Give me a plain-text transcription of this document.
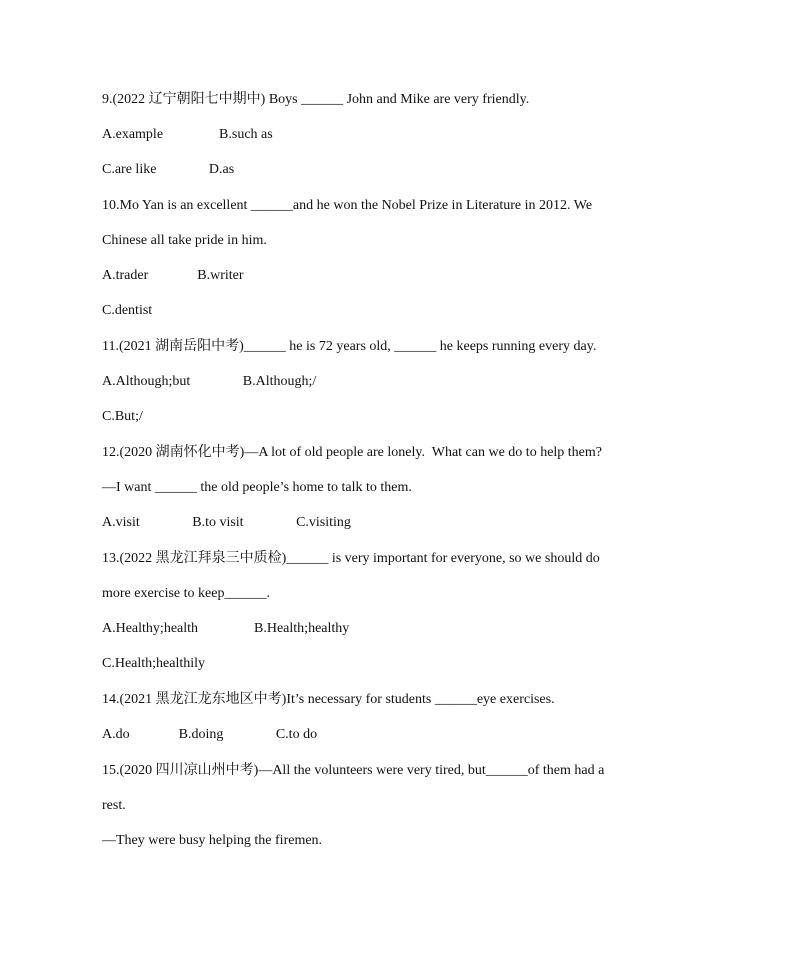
9.(2022 辽宁朝阳七中期中) Boys ______ John and Mike are very friendly.
A.example                B.such as
C.are like               D.as
10.Mo Yan is an excellent ______and he won the Nobel Prize in Literature in 2012. We
Chinese all take pride in him.
A.trader              B.writer
C.dentist
11.(2021 湖南岳阳中考)______ he is 72 years old, ______ he keeps running every day.
A.Although;but               B.Although;/
C.But;/
12.(2020 湖南怀化中考)—A lot of old people are lonely.  What can we do to help them?
—I want ______ the old people’s home to talk to them.
A.visit               B.to visit               C.visiting
13.(2022 黑龙江拜泉三中质检)______ is very important for everyone, so we should do
more exercise to keep______.
A.Healthy;health                B.Health;healthy
C.Health;healthily
14.(2021 黑龙江龙东地区中考)It’s necessary for students ______eye exercises.
A.do              B.doing               C.to do
15.(2020 四川凉山州中考)—All the volunteers were very tired, but______of them had a
rest.
—They were busy helping the firemen.
